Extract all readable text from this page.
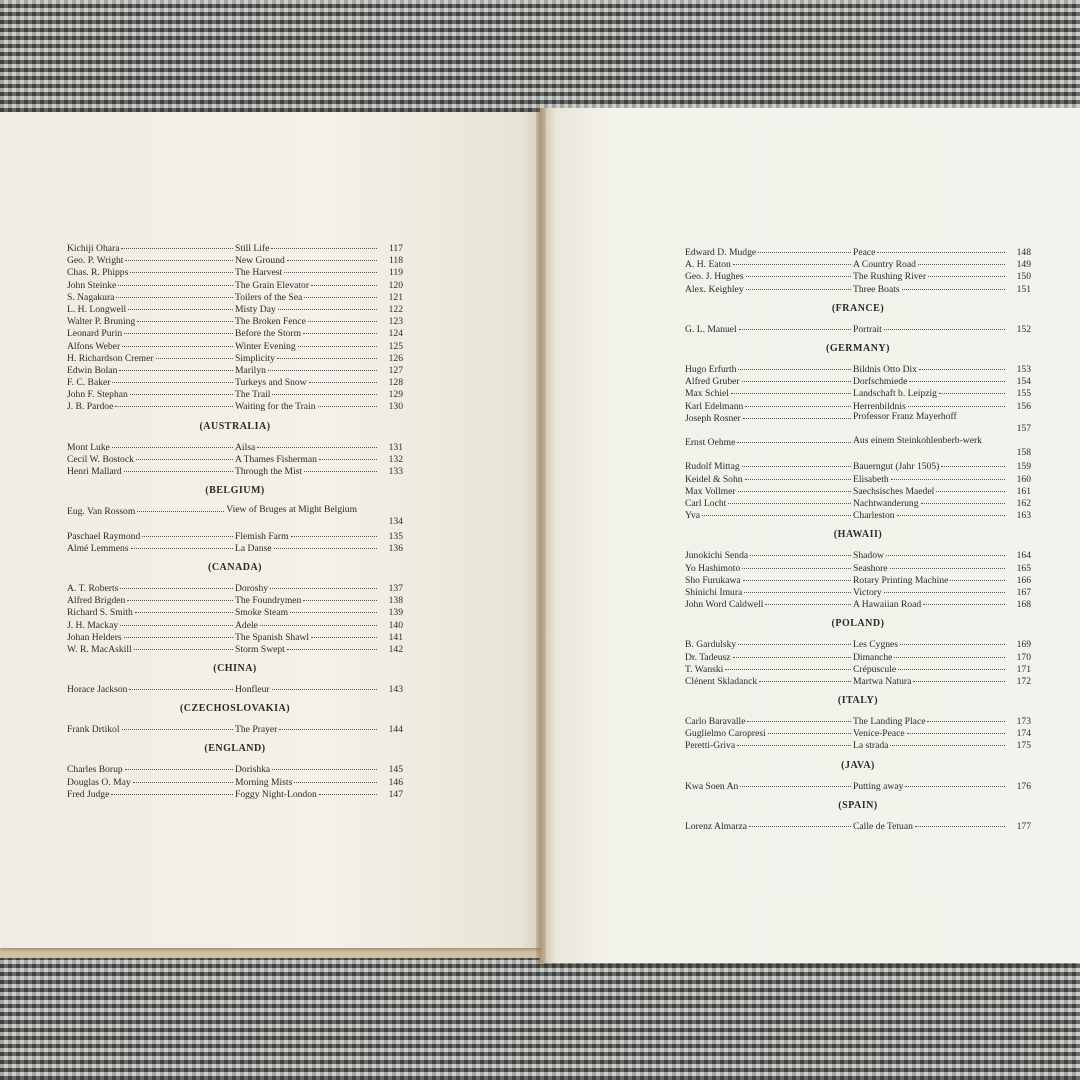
Kichiji Ohara	Still Life	117
Geo. P. Wright	New Ground	118
Chas. R. Phipps	The Harvest	119
John Steinke	The Grain Elevator	120
S. Nagakura	Toilers of the Sea	121
L. H. Longwell	Misty Day	122
Walter P. Bruning	The Broken Fence	123
Leonard Purin	Before the Storm	124
Alfons Weber	Winter Evening	125
H. Richardson Cremer	Simplicity	126
Edwin Bolan	Marilyn	127
F. C. Baker	Turkeys and Snow	128
John F. Stephan	The Trail	129
J. B. Pardoe	Waiting for the Train	130
(AUSTRALIA)
Mont Luke	Ailsa	131
Cecil W. Bostock	A Thames Fisherman	132
Henri Mallard	Through the Mist	133
(BELGIUM)
Eug. Van Rossom	View of Bruges at Might Belgium
134
Paschael Raymond	Flemish Farm	135
Almé Lemmens	La Danse	136
(CANADA)
A. T. Roberts	Doroshy	137
Alfred Brigden	The Foundrymen	138
Richard S. Smith	Smoke Steam	139
J. H. Mackay	Adele	140
Johan Helders	The Spanish Shawl	141
W. R. MacAskill	Storm Swept	142
(CHINA)
Horace Jackson	Honfleur	143
(CZECHOSLOVAKIA)
Frank Drtikol	The Prayer	144
(ENGLAND)
Charles Borup	Dorishka	145
Douglas O. May	Morning Mists	146
Fred Judge	Foggy Night-London	147
Edward D. Mudge	Peace	148
A. H. Eaton	A Country Road	149
Geo. J. Hughes	The Rushing River	150
Alex. Keighley	Three Boats	151
(FRANCE)
G. L. Manuel	Portrait	152
(GERMANY)
Hugo Erfurth	Bildnis Otto Dix	153
Alfred Gruber	Dorfschmiede	154
Max Schiel	Landschaft b. Leipzig	155
Karl Edelmann	Herrenbildnis	156
Joseph Rosner	Professor Franz Mayerhoff
157
Ernst Oehme	Aus einem Steinkohlenberb-werk
158
Rudolf Mittag	Bauerngut (Jahr 1505)	159
Keidel & Sohn	Elisabeth	160
Max Vollmer	Saechsisches Maedel	161
Carl Locht	Nachtwanderung	162
Yva	Charleston	163
(HAWAII)
Junokichi Senda	Shadow	164
Yo Hashimoto	Seashore	165
Sho Furukawa	Rotary Printing Machine	166
Shinichi Imura	Victory	167
John Word Caldwell	A Hawaiian Road	168
(POLAND)
B. Gardulsky	Les Cygnes	169
Dr. Tadeusz	Dimanche	170
T. Wanski	Crépuscule	171
Clénent Skladanck	Martwa Natura	172
(ITALY)
Carlo Baravalle	The Landing Place	173
Guglielmo Caropresi	Venice-Peace	174
Peretti-Griva	La strada	175
(JAVA)
Kwa Soen An	Putting away	176
(SPAIN)
Lorenz Almarza	Calle de Tetuan	177
